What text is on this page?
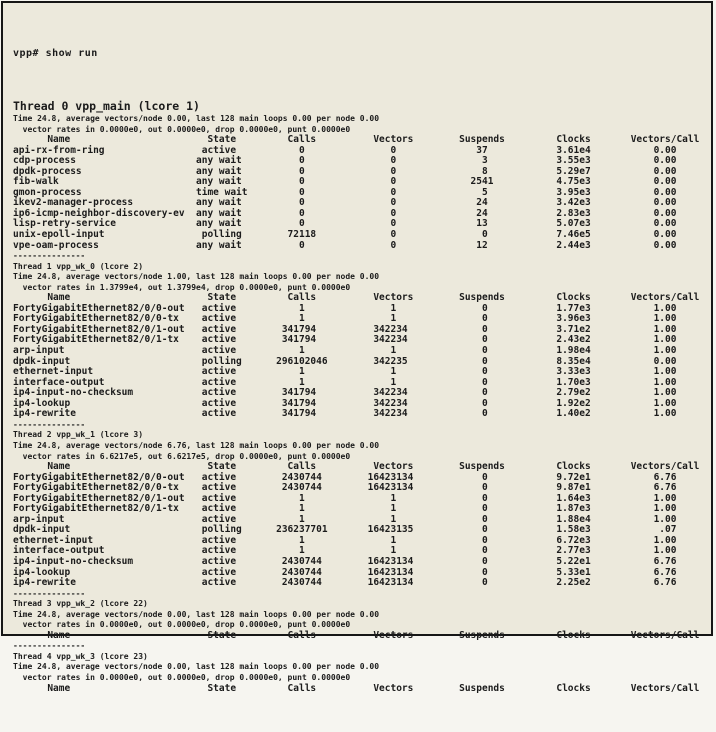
vpp# show run

Thread 0 vpp_main (lcore 1)
Time 24.8, average vectors/node 0.00, last 128 main loops 0.00 per node 0.00
vector rates in 0.0000e0, out 0.0000e0, drop 0.0000e0, punt 0.0000e0
Name                        State         Calls          Vectors        Suspends         Clocks       Vectors/Call
api-rx-from-ring                 active           0               0              37            3.61e4           0.00
cdp-process                     any wait          0               0               3            3.55e3           0.00
dpdk-process                    any wait          0               0               8            5.29e7           0.00
fib-walk                        any wait          0               0             2541           4.75e3           0.00
gmon-process                    time wait         0               0               5            3.95e3           0.00
ikev2-manager-process           any wait          0               0              24            3.42e3           0.00
ip6-icmp-neighbor-discovery-ev  any wait          0               0              24            2.83e3           0.00
lisp-retry-service              any wait          0               0              13            5.07e3           0.00
unix-epoll-input                 polling        72118             0               0            7.46e5           0.00
vpe-oam-process                 any wait          0               0              12            2.44e3           0.00
---------------
Thread 1 vpp_wk_0 (lcore 2)
Time 24.8, average vectors/node 1.00, last 128 main loops 0.00 per node 0.00
vector rates in 1.3799e4, out 1.3799e4, drop 0.0000e0, punt 0.0000e0
Name                        State         Calls          Vectors        Suspends         Clocks       Vectors/Call
FortyGigabitEthernet82/0/0-out   active           1               1               0            1.77e3           1.00
FortyGigabitEthernet82/0/0-tx    active           1               1               0            3.96e3           1.00
FortyGigabitEthernet82/0/1-out   active        341794          342234             0            3.71e2           1.00
FortyGigabitEthernet82/0/1-tx    active        341794          342234             0            2.43e2           1.00
arp-input                        active           1               1               0            1.98e4           1.00
dpdk-input                       polling      296102046        342235             0            8.35e4           0.00
ethernet-input                   active           1               1               0            3.33e3           1.00
interface-output                 active           1               1               0            1.70e3           1.00
ip4-input-no-checksum            active        341794          342234             0            2.79e2           1.00
ip4-lookup                       active        341794          342234             0            1.92e2           1.00
ip4-rewrite                      active        341794          342234             0            1.40e2           1.00
---------------
Thread 2 vpp_wk_1 (lcore 3)
Time 24.8, average vectors/node 6.76, last 128 main loops 0.00 per node 0.00
vector rates in 6.6217e5, out 6.6217e5, drop 0.0000e0, punt 0.0000e0
Name                        State         Calls          Vectors        Suspends         Clocks       Vectors/Call
FortyGigabitEthernet82/0/0-out   active        2430744        16423134            0            9.72e1           6.76
FortyGigabitEthernet82/0/0-tx    active        2430744        16423134            0            9.87e1           6.76
FortyGigabitEthernet82/0/1-out   active           1               1               0            1.64e3           1.00
FortyGigabitEthernet82/0/1-tx    active           1               1               0            1.87e3           1.00
arp-input                        active           1               1               0            1.88e4           1.00
dpdk-input                       polling      236237701       16423135            0            1.58e3            .07
ethernet-input                   active           1               1               0            6.72e3           1.00
interface-output                 active           1               1               0            2.77e3           1.00
ip4-input-no-checksum            active        2430744        16423134            0            5.22e1           6.76
ip4-lookup                       active        2430744        16423134            0            5.33e1           6.76
ip4-rewrite                      active        2430744        16423134            0            2.25e2           6.76
---------------
Thread 3 vpp_wk_2 (lcore 22)
Time 24.8, average vectors/node 0.00, last 128 main loops 0.00 per node 0.00
vector rates in 0.0000e0, out 0.0000e0, drop 0.0000e0, punt 0.0000e0
Name                        State         Calls          Vectors        Suspends         Clocks       Vectors/Call
---------------
Thread 4 vpp_wk_3 (lcore 23)
Time 24.8, average vectors/node 0.00, last 128 main loops 0.00 per node 0.00
vector rates in 0.0000e0, out 0.0000e0, drop 0.0000e0, punt 0.0000e0
Name                        State         Calls          Vectors        Suspends         Clocks       Vectors/Call
